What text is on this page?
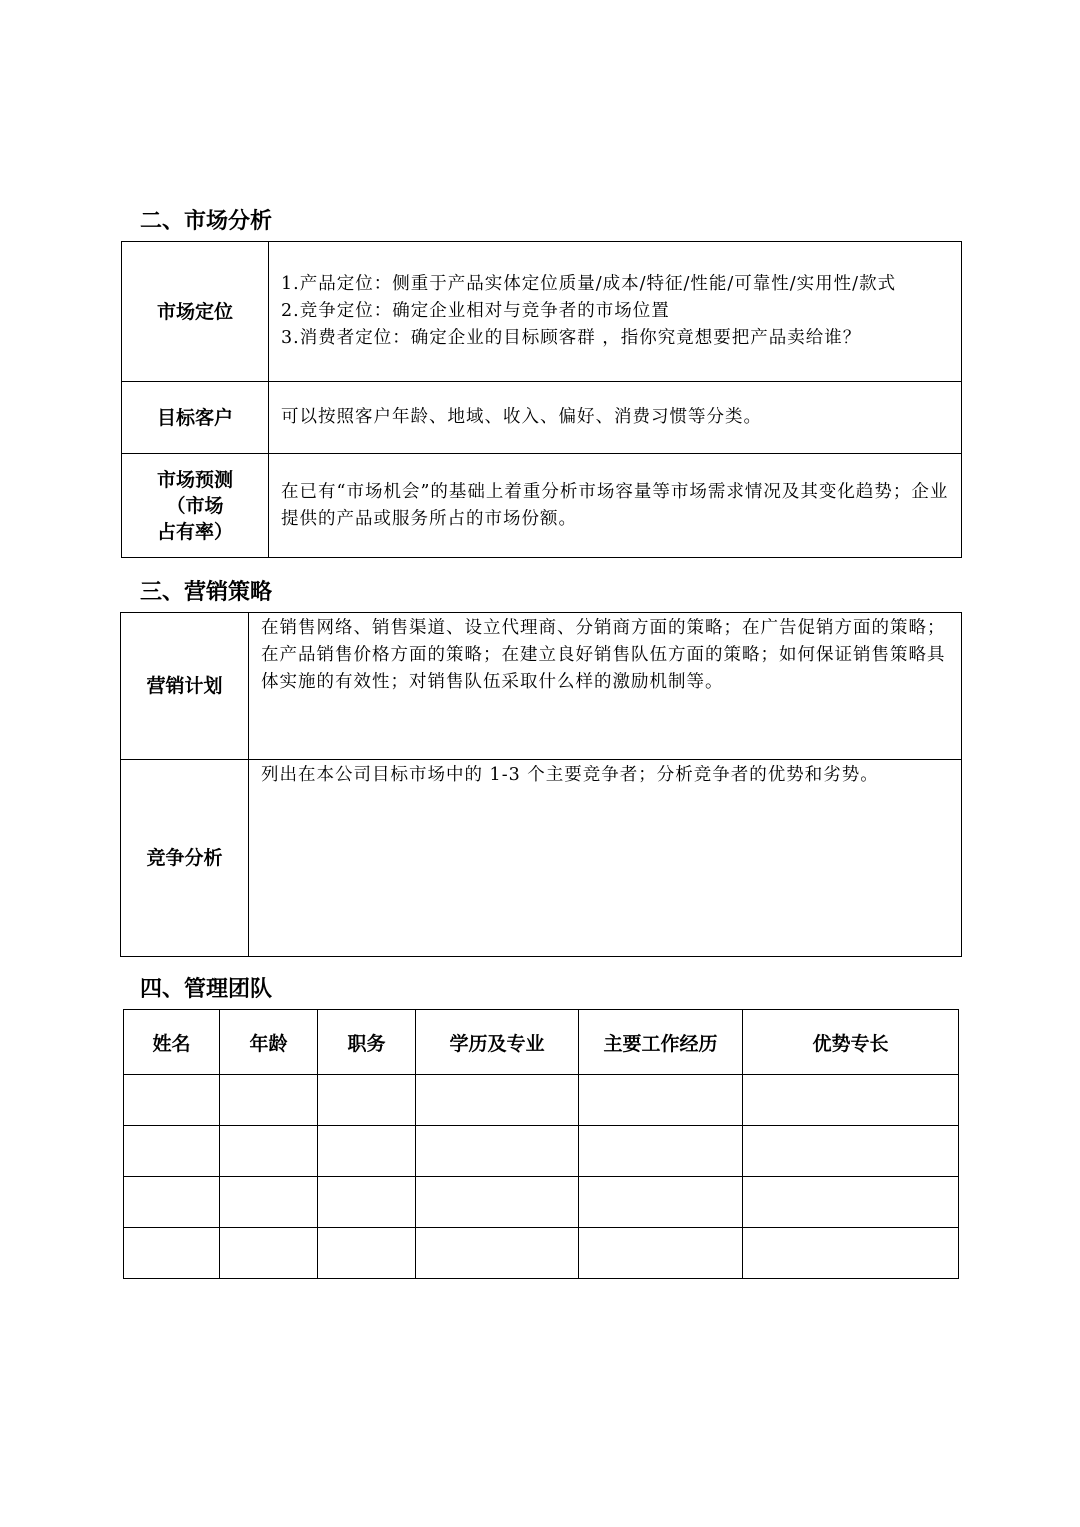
二、市场分析
市场定位	1.产品定位：侧重于产品实体定位质量/成本/特征/性能/可靠性/实用性/款式

2.竞争定位：确定企业相对与竞争者的市场位置

3.消费者定位：确定企业的目标顾客群 ，指你究竟想要把产品卖给谁？

目标客户	可以按照客户年龄、地域、收入、偏好、消费习惯等分类。

市场预测
（市场
占有率）	在已有“市场机会”的基础上着重分析市场容量等市场需求情况及其变化趋势；企业提供的产品或服务所占的市场份额。

三、营销策略
营销计划	在销售网络、销售渠道、设立代理商、分销商方面的策略；在广告促销方面的策略；在产品销售价格方面的策略；在建立良好销售队伍方面的策略；如何保证销售策略具体实施的有效性；对销售队伍采取什么样的激励机制等。
竞争分析	列出在本公司目标市场中的 1-3 个主要竞争者；分析竞争者的优势和劣势。
四、管理团队
姓名	年龄	职务	学历及专业	主要工作经历	优势专长
